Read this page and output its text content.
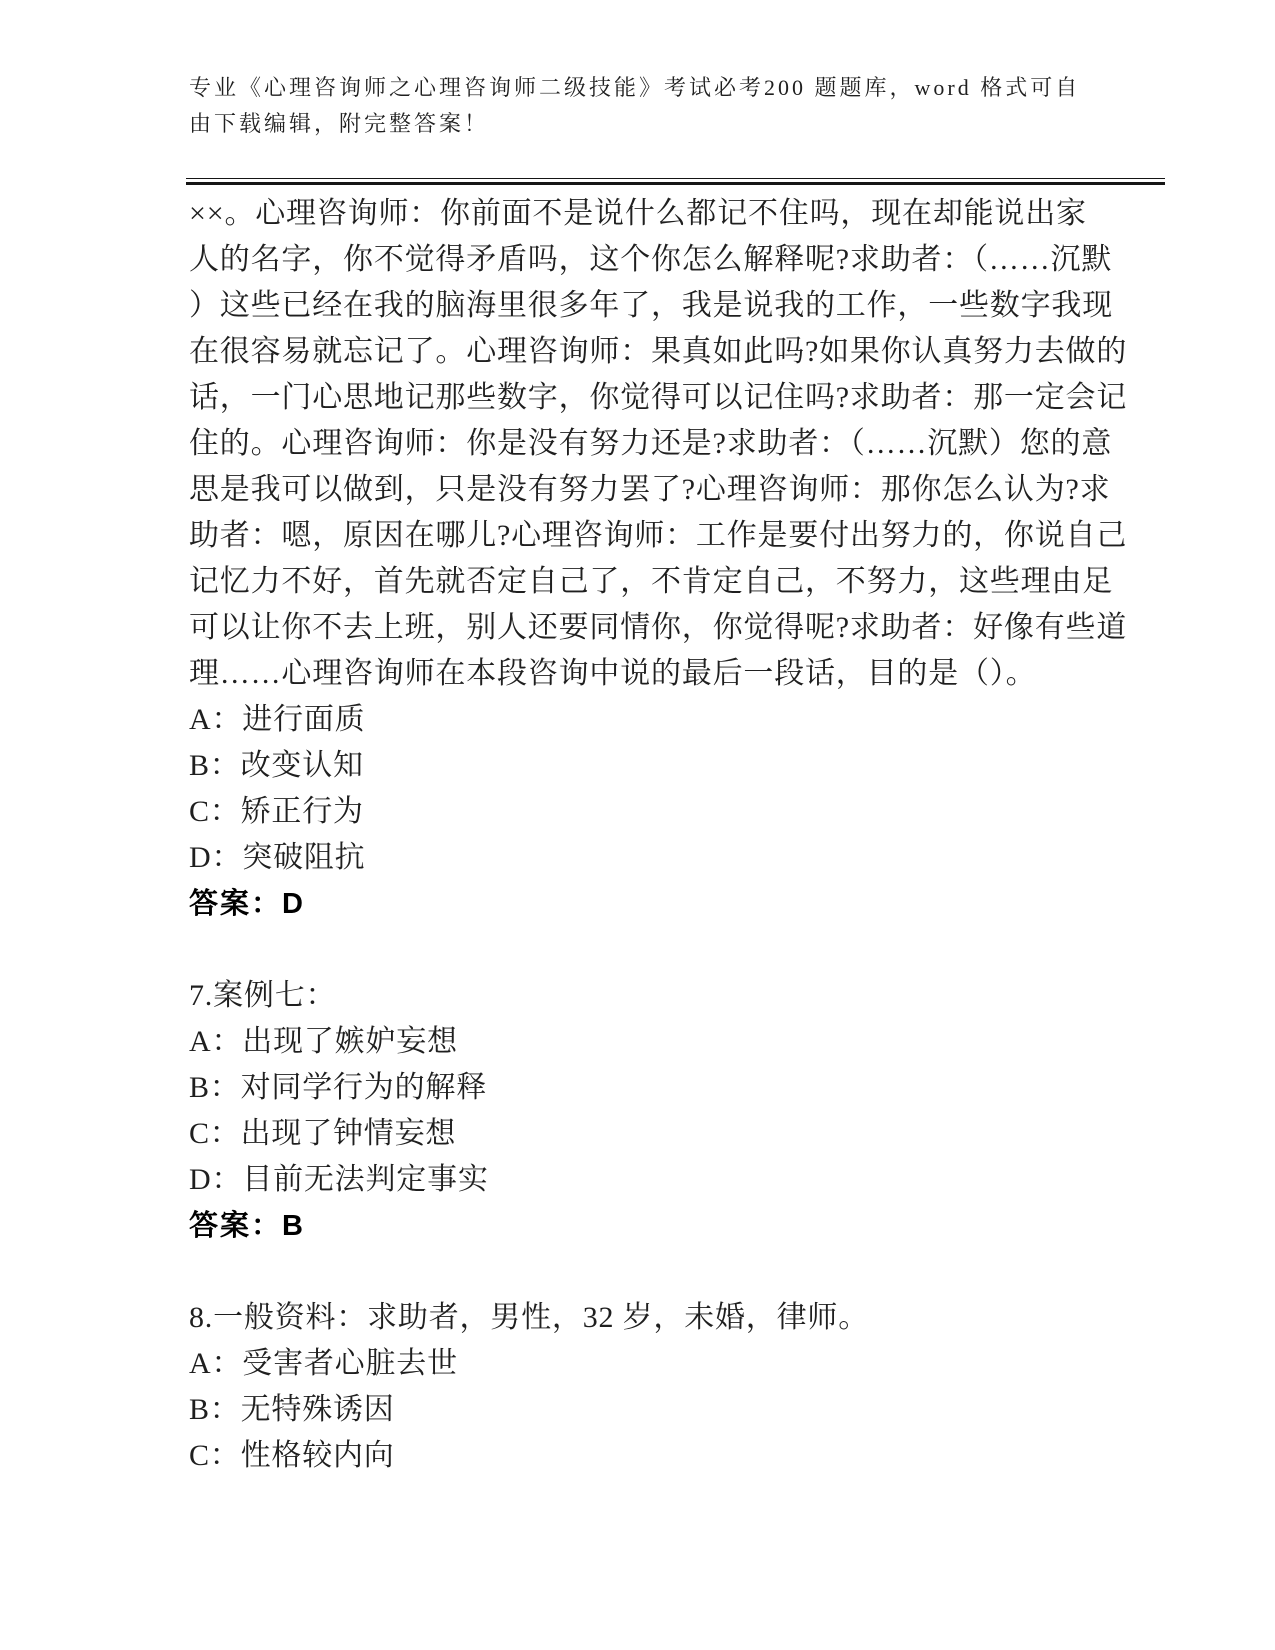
专业《心理咨询师之心理咨询师二级技能》考试必考200 题题库，word 格式可自
由下载编辑，附完整答案！
××。心理咨询师：你前面不是说什么都记不住吗，现在却能说出家
人的名字，你不觉得矛盾吗，这个你怎么解释呢?求助者：（……沉默
）这些已经在我的脑海里很多年了，我是说我的工作，一些数字我现
在很容易就忘记了。心理咨询师：果真如此吗?如果你认真努力去做的
话，一门心思地记那些数字，你觉得可以记住吗?求助者：那一定会记
住的。心理咨询师：你是没有努力还是?求助者：（……沉默）您的意
思是我可以做到，只是没有努力罢了?心理咨询师：那你怎么认为?求
助者：嗯，原因在哪儿?心理咨询师：工作是要付出努力的，你说自己
记忆力不好，首先就否定自己了，不肯定自己，不努力，这些理由足
可以让你不去上班，别人还要同情你，你觉得呢?求助者：好像有些道
理……心理咨询师在本段咨询中说的最后一段话，目的是（）。
A：进行面质
B：改变认知
C：矫正行为
D：突破阻抗
答案：D
7.案例七：
A：出现了嫉妒妄想
B：对同学行为的解释
C：出现了钟情妄想
D：目前无法判定事实
答案：B
8.一般资料：求助者，男性，32 岁，未婚，律师。
A：受害者心脏去世
B：无特殊诱因
C：性格较内向
